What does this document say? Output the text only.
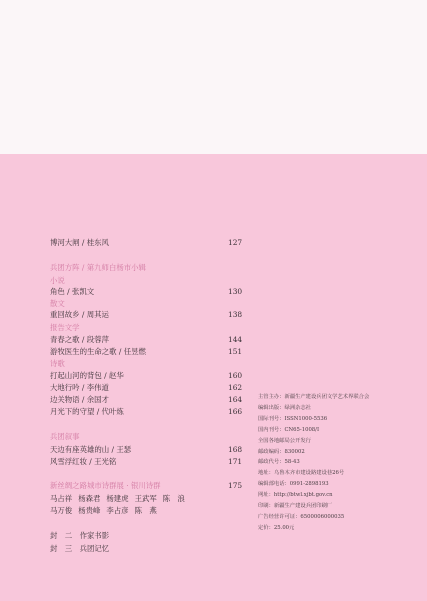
博河大闸 / 桂东风	127
兵团方阵 / 第九师白杨市小辑
小说
角色 / 张凯文	130
散文
重回故乡 / 周其运	138
报告文学
青春之歌 / 段蓉萍	144
游牧医生的生命之歌 / 任昱燃	151
诗歌
打起山河的背包 / 赵华	160
大地行吟 / 李伟道	162
边关物语 / 余国才	164
月光下的守望 / 代叶炼	166
兵团叙事
天边有座英雄的山 / 王瑟	168
风雪浮红妆 / 王光铭	171
新丝绸之路城市诗群展 · 银川诗群	175
马占祥 杨森君 杨建虎 王武军 陈　浪
马万俊 杨贵峰 李占彦 陈　燕
封　二　作家书影
封　三　兵团记忆
主管主办：新疆生产建设兵团文学艺术界联合会
编辑出版：绿洲杂志社
国际刊号：ISSN1000-5536
国内刊号：CN65-1008/I
全国各地邮局公开发行
邮政编码：830002
邮政代号：58-43
地址：乌鲁木齐市建设路建设巷26号
编辑部电话：0991-2898193
网址：http://btwl.xjbt.gov.cn
印刷：新疆生产建设兵团印刷厂
广告经营许可证：6500006000035
定价：25.00元
